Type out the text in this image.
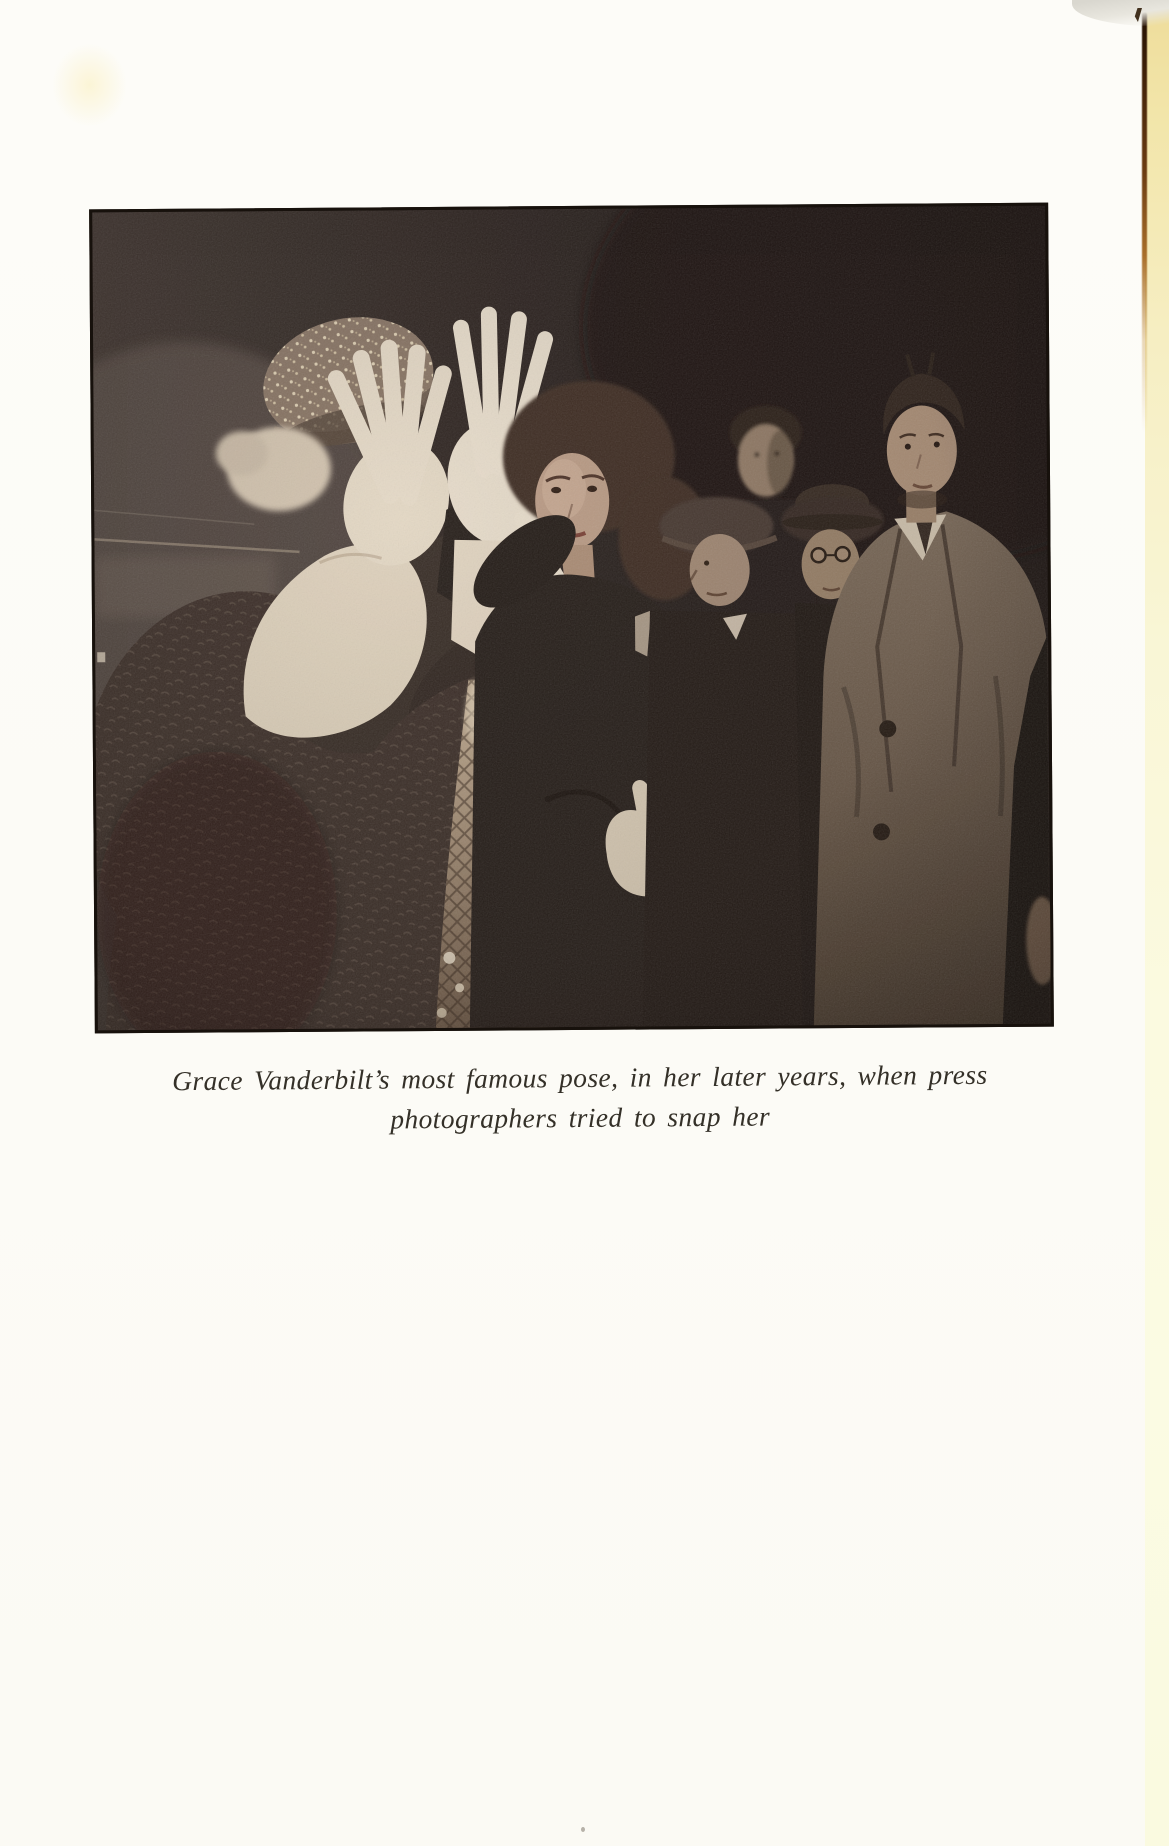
Grace Vanderbilt’s most famous pose, in her later years, when press
photographers tried to snap her
